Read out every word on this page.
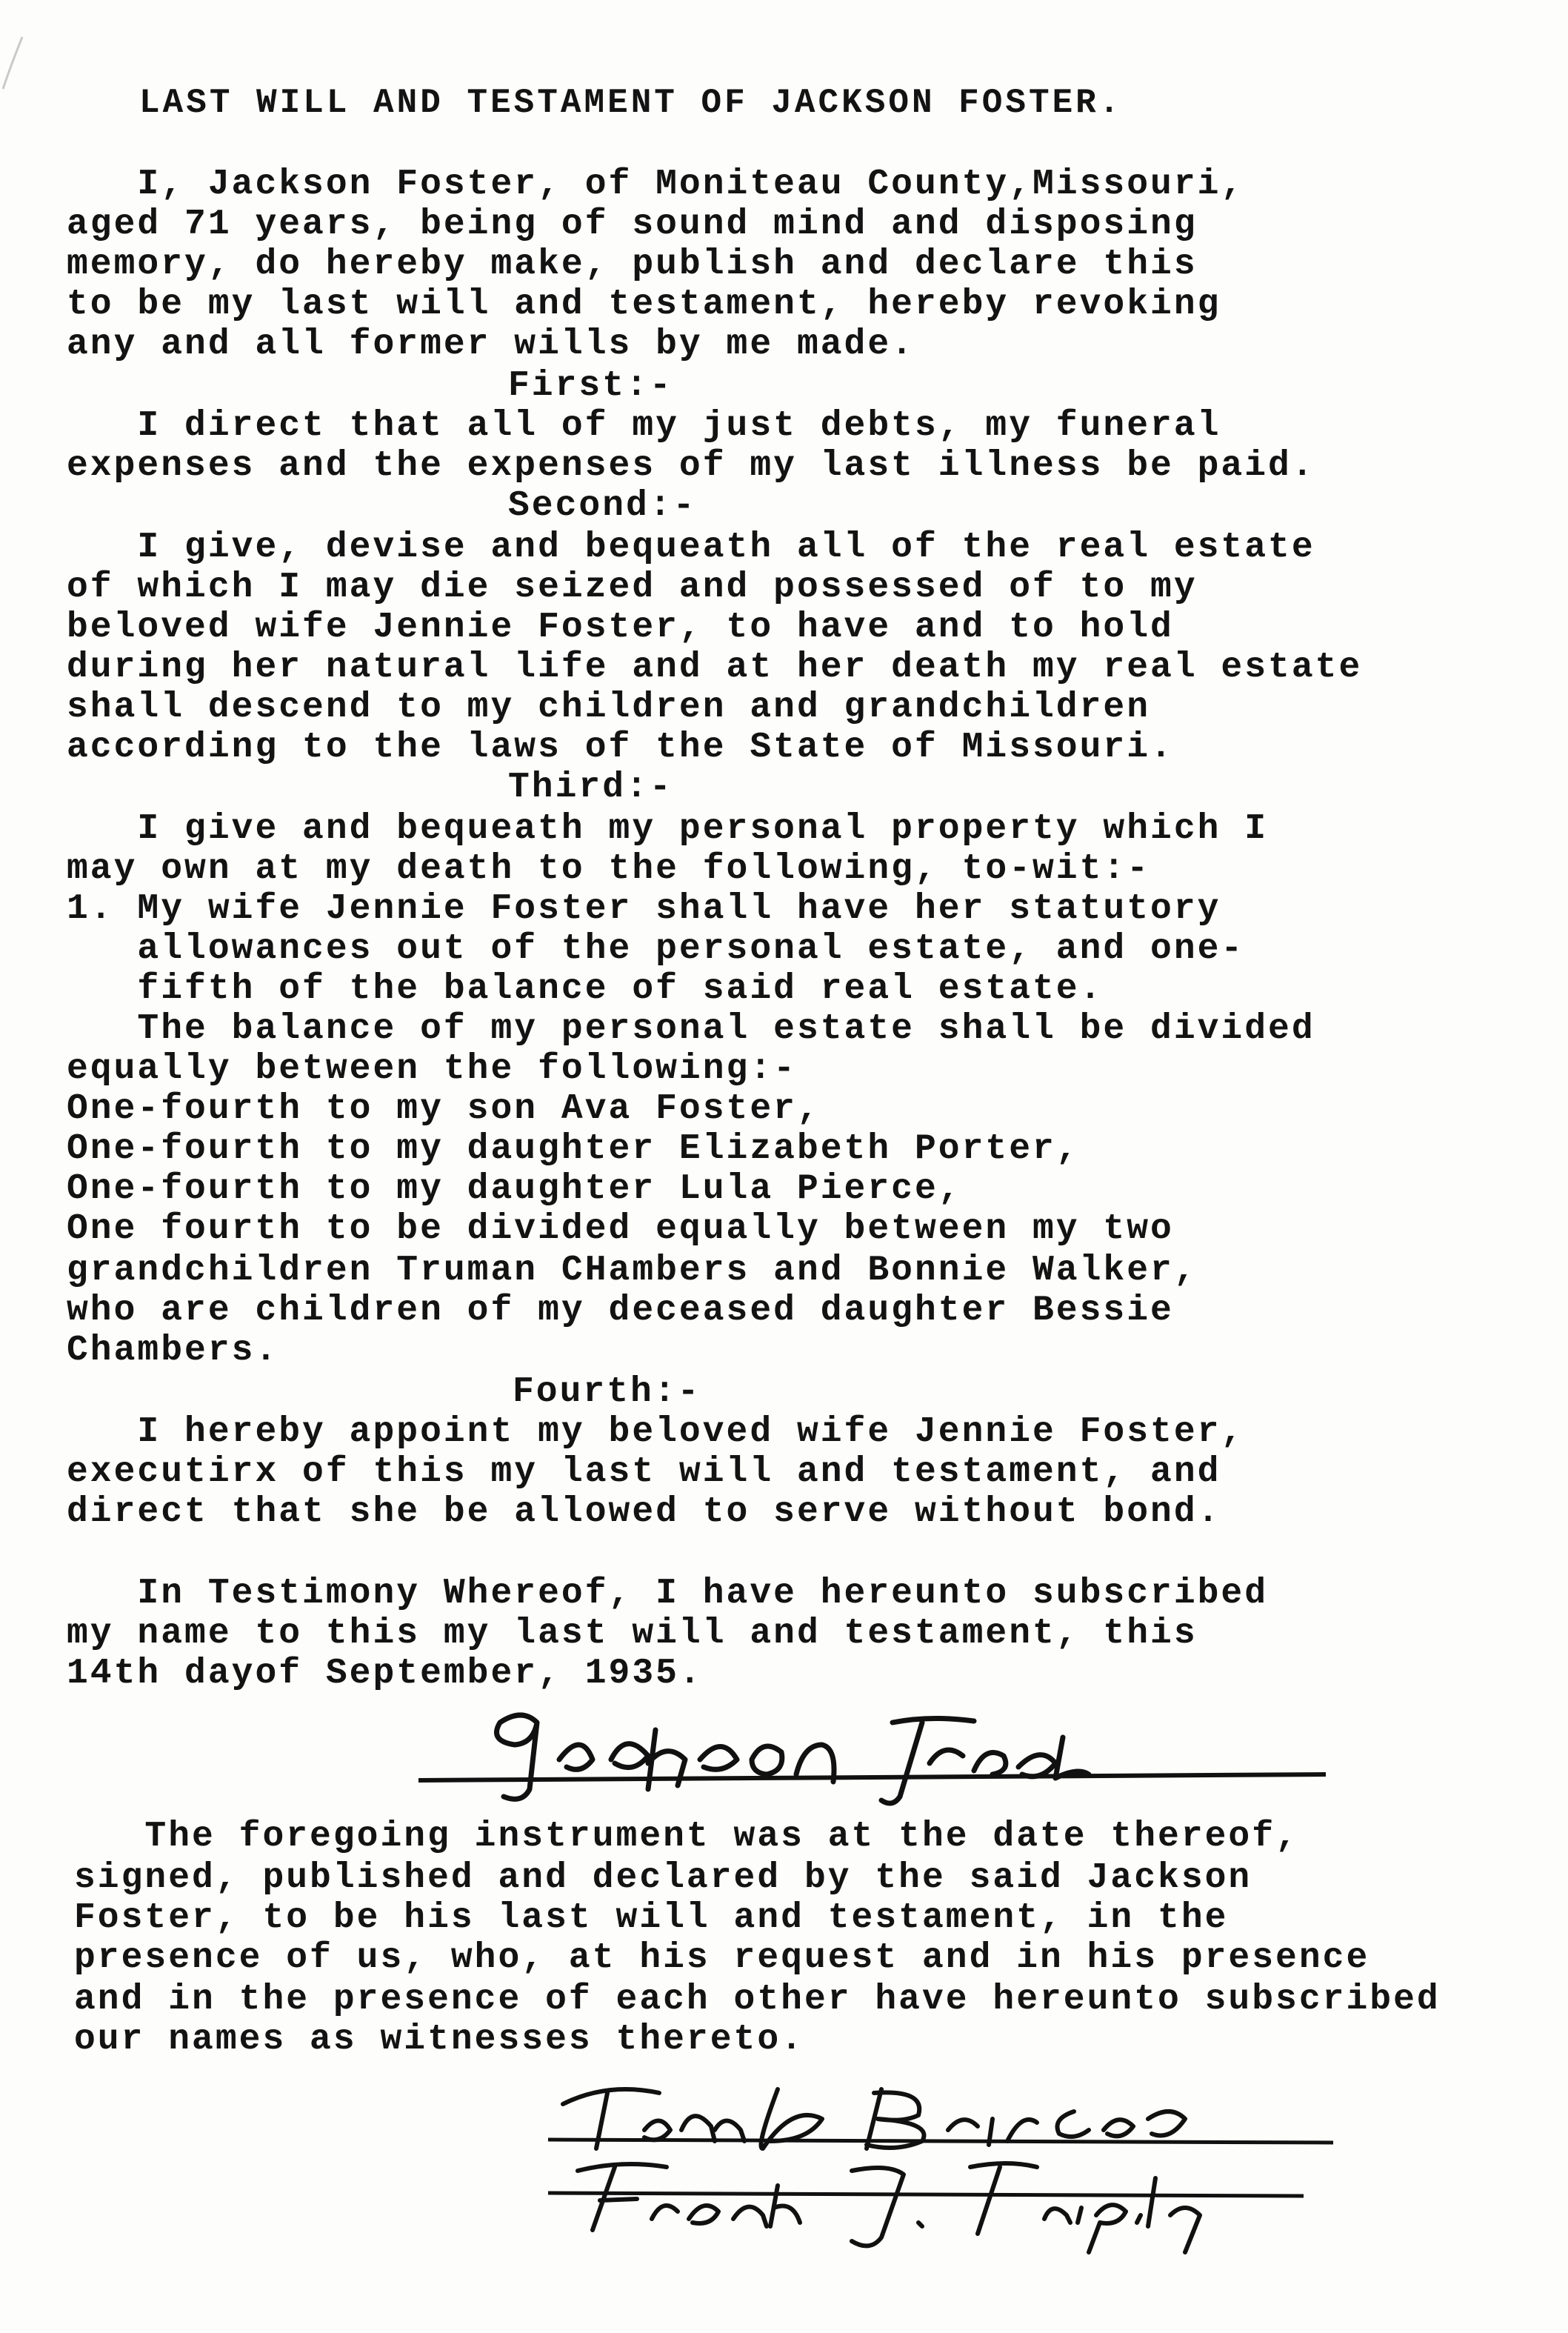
LAST WILL AND TESTAMENT OF JACKSON FOSTER.
I, Jackson Foster, of Moniteau County,Missouri,
aged 71 years, being of sound mind and disposing
memory, do hereby make, publish and declare this
to be my last will and testament, hereby revoking
any and all former wills by me made.
First:-
I direct that all of my just debts, my funeral
expenses and the expenses of my last illness be paid.
Second:-
I give, devise and bequeath all of the real estate
of which I may die seized and possessed of to my
beloved wife Jennie Foster, to have and to hold
during her natural life and at her death my real estate
shall descend to my children and grandchildren
according to the laws of the State of Missouri.
Third:-
I give and bequeath my personal property which I
may own at my death to the following, to-wit:-
1. My wife Jennie Foster shall have her statutory
allowances out of the personal estate, and one-
fifth of the balance of said real estate.
The balance of my personal estate shall be divided
equally between the following:-
One-fourth to my son Ava Foster,
One-fourth to my daughter Elizabeth Porter,
One-fourth to my daughter Lula Pierce,
One fourth to be divided equally between my two
grandchildren Truman CHambers and Bonnie Walker,
who are children of my deceased daughter Bessie
Chambers.
Fourth:-
I hereby appoint my beloved wife Jennie Foster,
executirx of this my last will and testament, and
direct that she be allowed to serve without bond.
In Testimony Whereof, I have hereunto subscribed
my name to this my last will and testament, this
14th dayof September, 1935.
The foregoing instrument was at the date thereof,
signed, published and declared by the said Jackson
Foster, to be his last will and testament, in the
presence of us, who, at his request and in his presence
and in the presence of each other have hereunto subscribed
our names as witnesses thereto.
